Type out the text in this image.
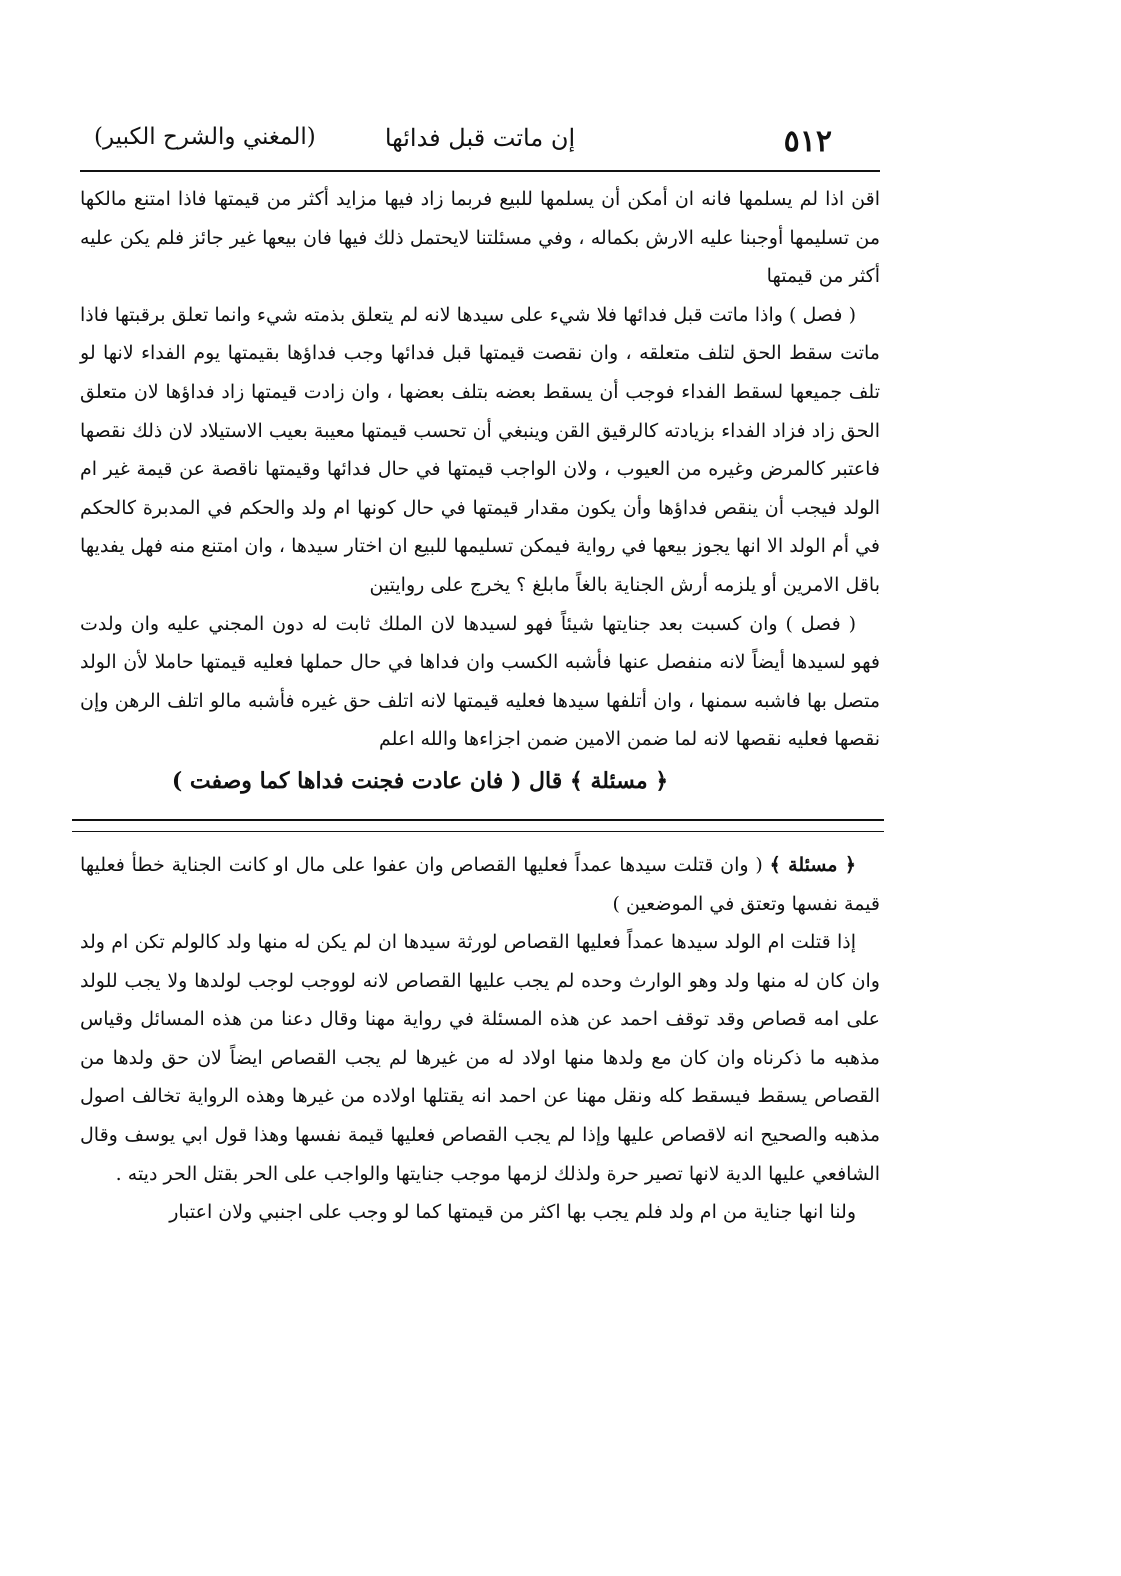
٥١٢
إن ماتت قبل فدائها
(المغني والشرح الكبير)

اقن اذا لم يسلمها فانه ان أمكن أن يسلمها للبيع فربما زاد فيها مزايد أكثر من قيمتها فاذا امتنع مالكها من تسليمها أوجبنا عليه الارش بكماله ، وفي مسئلتنا لايحتمل ذلك فيها فان بيعها غير جائز فلم يكن عليه أكثر من قيمتها

( فصل ) واذا ماتت قبل فدائها فلا شيء على سيدها لانه لم يتعلق بذمته شيء وانما تعلق برقبتها فاذا ماتت سقط الحق لتلف متعلقه ، وان نقصت قيمتها قبل فدائها وجب فداؤها بقيمتها يوم الفداء لانها لو تلف جميعها لسقط الفداء فوجب أن يسقط بعضه بتلف بعضها ، وان زادت قيمتها زاد فداؤها لان متعلق الحق زاد فزاد الفداء بزيادته كالرقيق القن وينبغي أن تحسب قيمتها معيبة بعيب الاستيلاد لان ذلك نقصها فاعتبر كالمرض وغيره من العيوب ، ولان الواجب قيمتها في حال فدائها وقيمتها ناقصة عن قيمة غير ام الولد فيجب أن ينقص فداؤها وأن يكون مقدار قيمتها في حال كونها ام ولد والحكم في المدبرة كالحكم في أم الولد الا انها يجوز بيعها في رواية فيمكن تسليمها للبيع ان اختار سيدها ، وان امتنع منه فهل يفديها باقل الامرين أو يلزمه أرش الجناية بالغاً مابلغ ؟ يخرج على روايتين

( فصل ) وان كسبت بعد جنايتها شيئاً فهو لسيدها لان الملك ثابت له دون المجني عليه وان ولدت فهو لسيدها أيضاً لانه منفصل عنها فأشبه الكسب وان فداها في حال حملها فعليه قيمتها حاملا لأن الولد متصل بها فاشبه سمنها ، وان أتلفها سيدها فعليه قيمتها لانه اتلف حق غيره فأشبه مالو اتلف الرهن وإن نقصها فعليه نقصها لانه لما ضمن الامين ضمن اجزاءها والله اعلم

﴿ مسئلة ﴾ قال ( فان عادت فجنت فداها كما وصفت )

﴿ مسئلة ﴾ ( وان قتلت سيدها عمداً فعليها القصاص وان عفوا على مال او كانت الجناية خطأ فعليها قيمة نفسها وتعتق في الموضعين )

إذا قتلت ام الولد سيدها عمداً فعليها القصاص لورثة سيدها ان لم يكن له منها ولد كالولم تكن ام ولد وان كان له منها ولد وهو الوارث وحده لم يجب عليها القصاص لانه لووجب لوجب لولدها ولا يجب للولد على امه قصاص وقد توقف احمد عن هذه المسئلة في رواية مهنا وقال دعنا من هذه المسائل وقياس مذهبه ما ذكرناه وان كان مع ولدها منها اولاد له من غيرها لم يجب القصاص ايضاً لان حق ولدها من القصاص يسقط فيسقط كله ونقل مهنا عن احمد انه يقتلها اولاده من غيرها وهذه الرواية تخالف اصول مذهبه والصحيح انه لاقصاص عليها وإذا لم يجب القصاص فعليها قيمة نفسها وهذا قول ابي يوسف وقال الشافعي عليها الدية لانها تصير حرة ولذلك لزمها موجب جنايتها والواجب على الحر بقتل الحر ديته .

ولنا انها جناية من ام ولد فلم يجب بها اكثر من قيمتها كما لو وجب على اجنبي ولان اعتبار
